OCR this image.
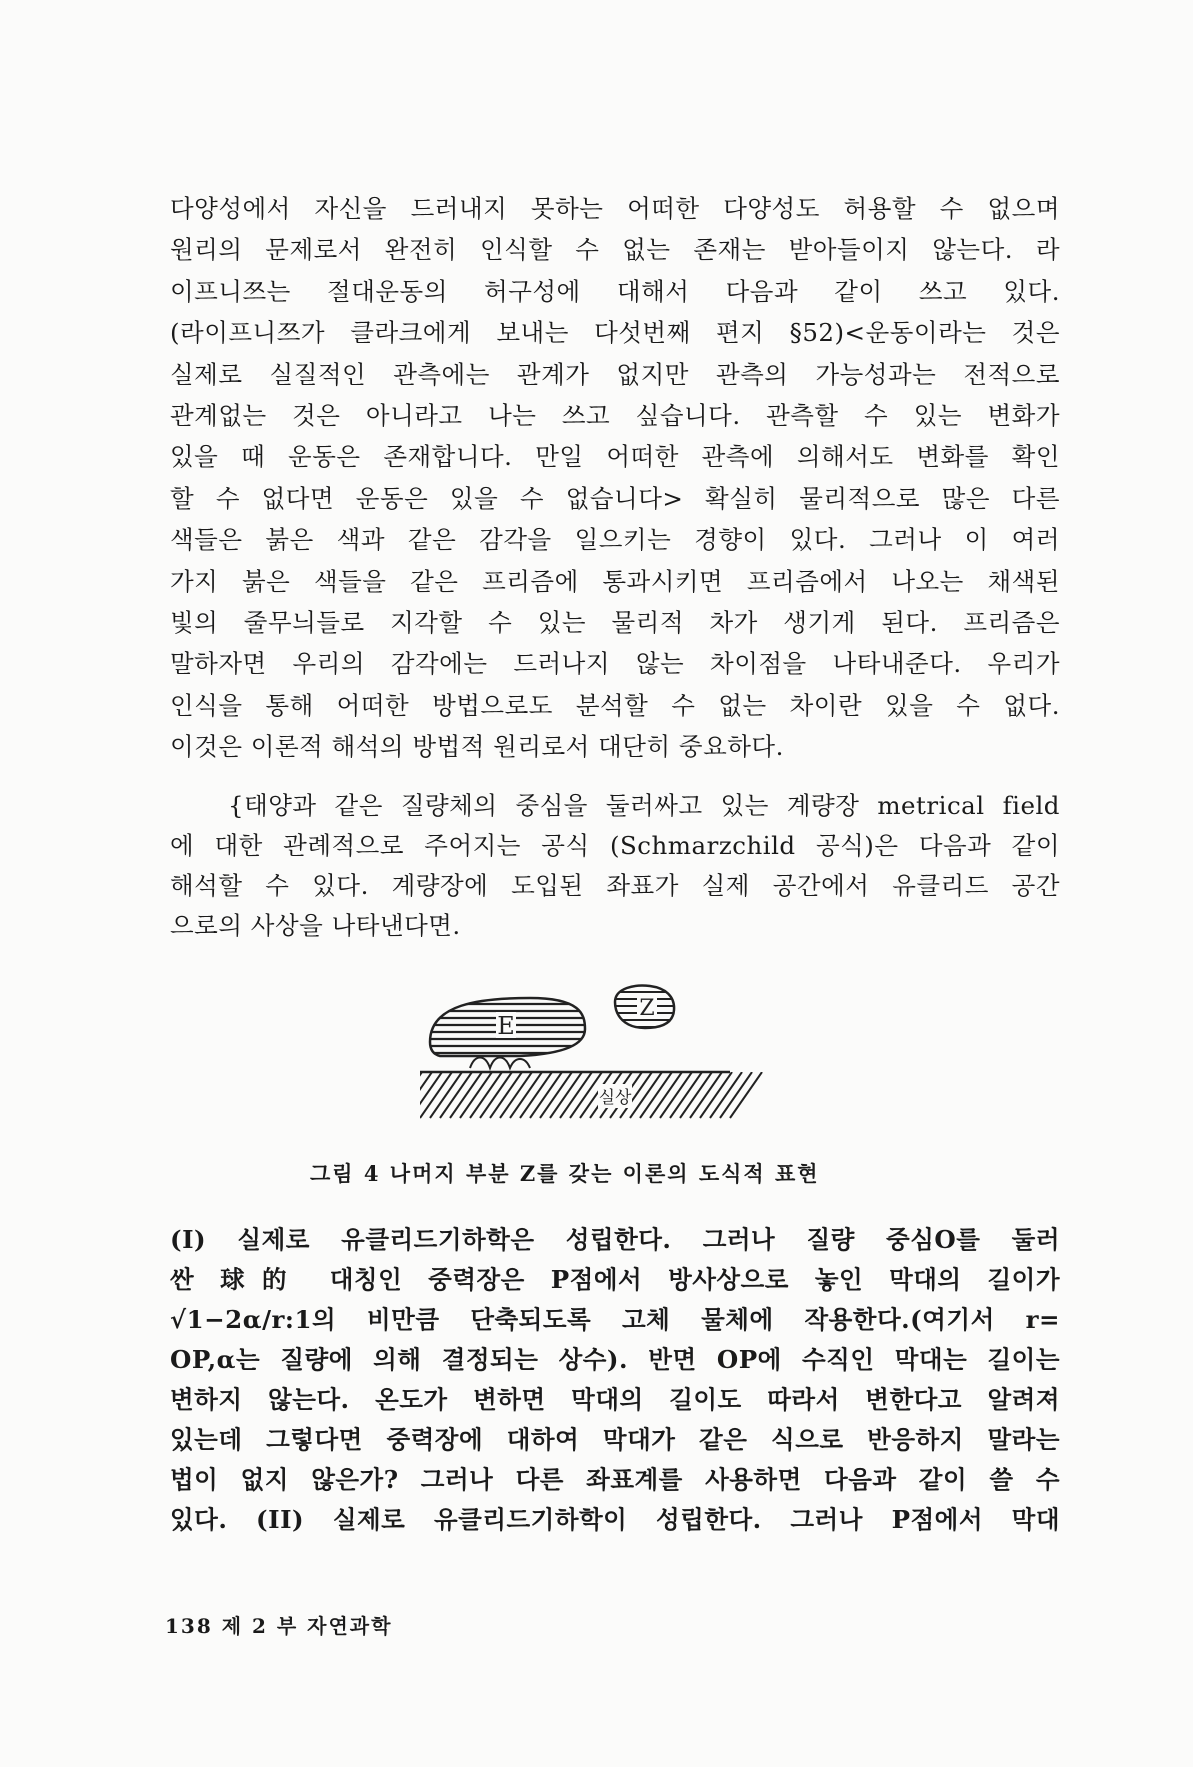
다양성에서 자신을 드러내지 못하는 어떠한 다양성도 허용할 수 없으며
원리의 문제로서 완전히 인식할 수 없는 존재는 받아들이지 않는다. 라
이프니쯔는 절대운동의 허구성에 대해서 다음과 같이 쓰고 있다.
(라이프니쯔가 클라크에게 보내는 다섯번째 편지 §52)<운동이라는 것은
실제로 실질적인 관측에는 관계가 없지만 관측의 가능성과는 전적으로
관계없는 것은 아니라고 나는 쓰고 싶습니다. 관측할 수 있는 변화가
있을 때 운동은 존재합니다. 만일 어떠한 관측에 의해서도 변화를 확인
할 수 없다면 운동은 있을 수 없습니다> 확실히 물리적으로 많은 다른
색들은 붉은 색과 같은 감각을 일으키는 경향이 있다. 그러나 이 여러
가지 붉은 색들을 같은 프리즘에 통과시키면 프리즘에서 나오는 채색된
빛의 줄무늬들로 지각할 수 있는 물리적 차가 생기게 된다. 프리즘은
말하자면 우리의 감각에는 드러나지 않는 차이점을 나타내준다. 우리가
인식을 통해 어떠한 방법으로도 분석할 수 없는 차이란 있을 수 없다.
이것은 이론적 해석의 방법적 원리로서 대단히 중요하다.
{태양과 같은 질량체의 중심을 둘러싸고 있는 계량장 metrical field
에 대한 관례적으로 주어지는 공식 (Schmarzchild 공식)은 다음과 같이
해석할 수 있다. 계량장에 도입된 좌표가 실제 공간에서 유클리드 공간
으로의 사상을 나타낸다면.
E
Z
실상
그림 4 나머지 부분 Z를 갖는 이론의 도식적 표현
(I) 실제로 유클리드기하학은 성립한다. 그러나 질량 중심O를 둘러
싼 球的 대칭인 중력장은 P점에서 방사상으로 놓인 막대의 길이가
√1−2α/r:1의 비만큼 단축되도록 고체 물체에 작용한다.(여기서 r=
OP,α는 질량에 의해 결정되는 상수). 반면 OP에 수직인 막대는 길이는
변하지 않는다. 온도가 변하면 막대의 길이도 따라서 변한다고 알려져
있는데 그렇다면 중력장에 대하여 막대가 같은 식으로 반응하지 말라는
법이 없지 않은가? 그러나 다른 좌표계를 사용하면 다음과 같이 쓸 수
있다. (II) 실제로 유클리드기하학이 성립한다. 그러나 P점에서 막대
138 제 2 부 자연과학
